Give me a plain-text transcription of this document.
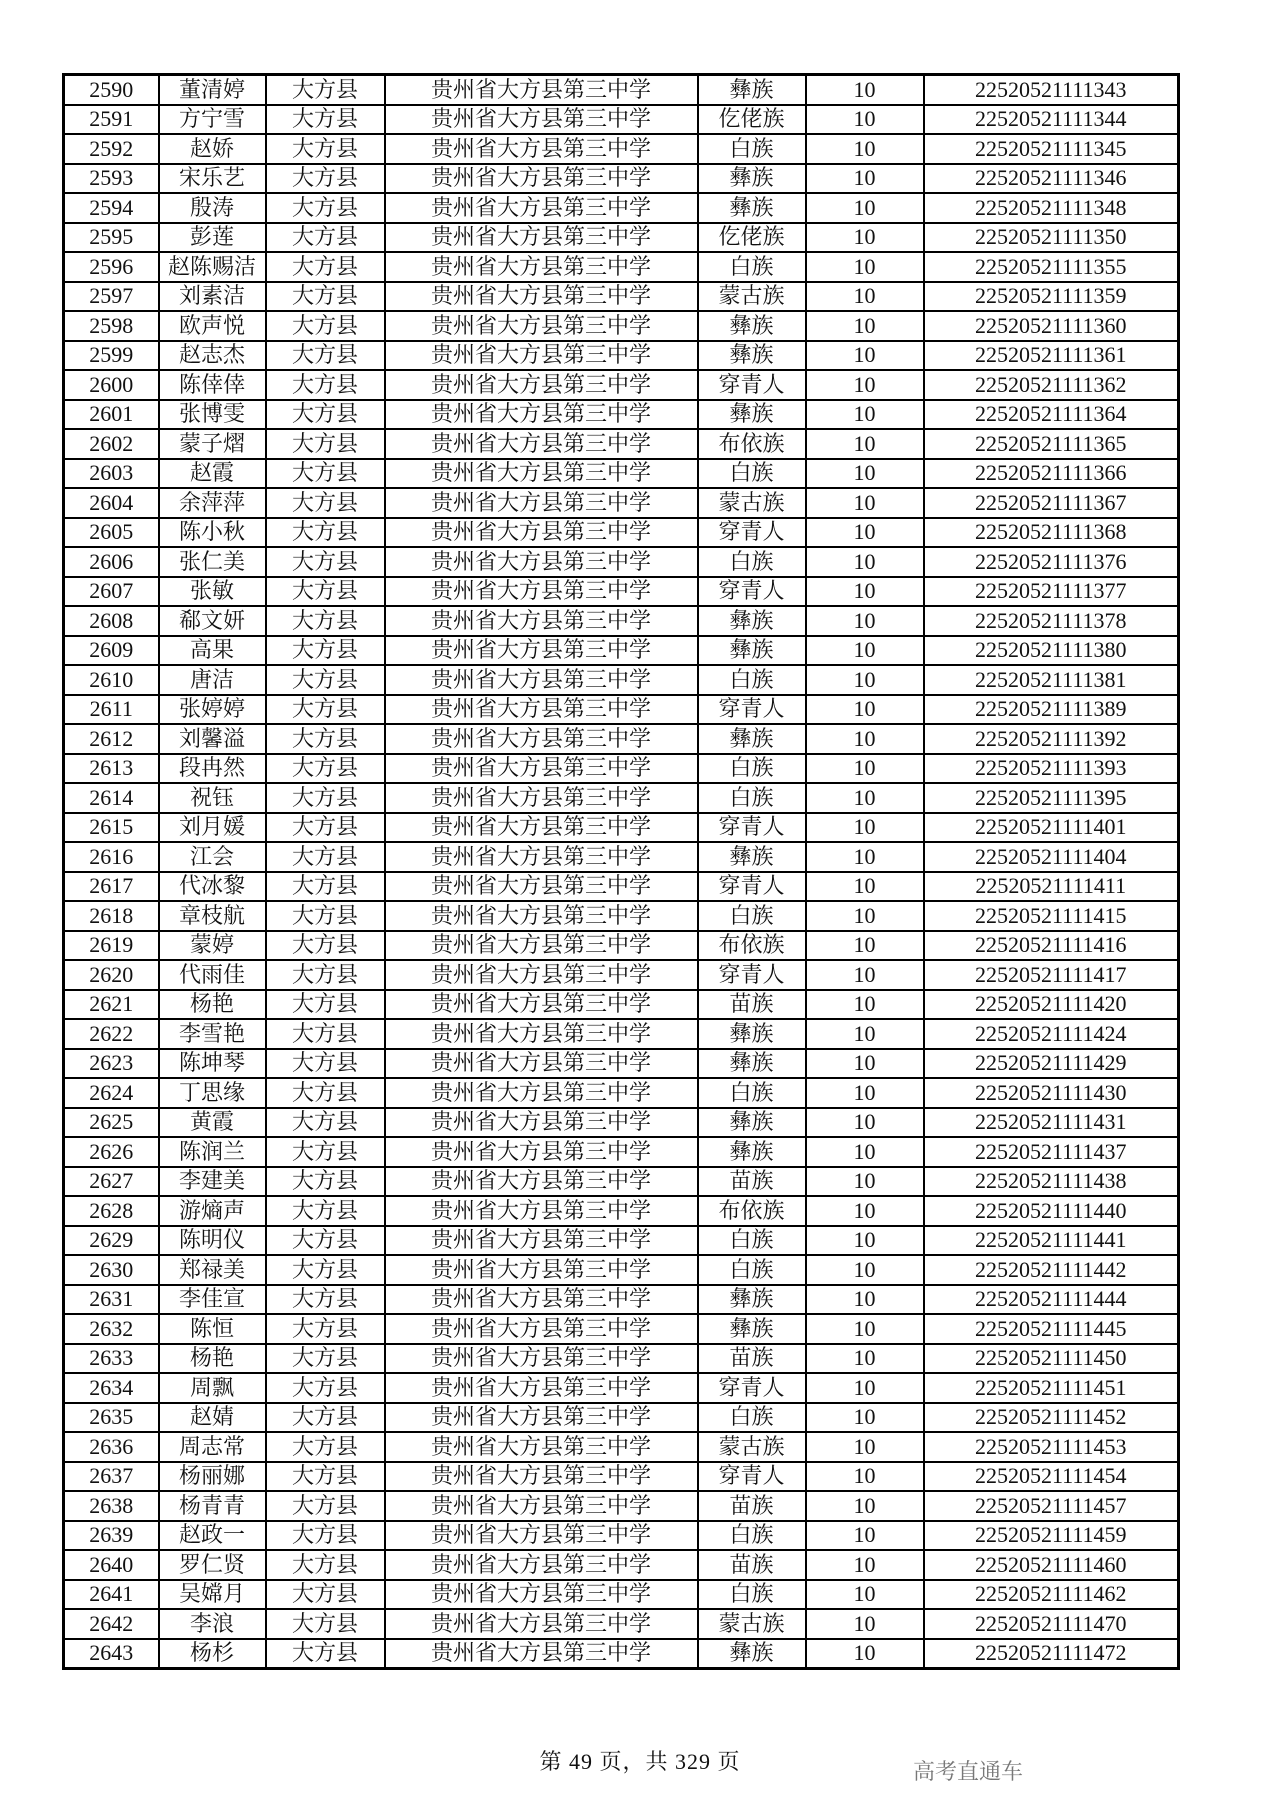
2590	董清婷	大方县	贵州省大方县第三中学	彝族	10	22520521111343
2591	方宁雪	大方县	贵州省大方县第三中学	仡佬族	10	22520521111344
2592	赵娇	大方县	贵州省大方县第三中学	白族	10	22520521111345
2593	宋乐艺	大方县	贵州省大方县第三中学	彝族	10	22520521111346
2594	殷涛	大方县	贵州省大方县第三中学	彝族	10	22520521111348
2595	彭莲	大方县	贵州省大方县第三中学	仡佬族	10	22520521111350
2596	赵陈赐洁	大方县	贵州省大方县第三中学	白族	10	22520521111355
2597	刘素洁	大方县	贵州省大方县第三中学	蒙古族	10	22520521111359
2598	欧声悦	大方县	贵州省大方县第三中学	彝族	10	22520521111360
2599	赵志杰	大方县	贵州省大方县第三中学	彝族	10	22520521111361
2600	陈倖倖	大方县	贵州省大方县第三中学	穿青人	10	22520521111362
2601	张博雯	大方县	贵州省大方县第三中学	彝族	10	22520521111364
2602	蒙子熠	大方县	贵州省大方县第三中学	布依族	10	22520521111365
2603	赵霞	大方县	贵州省大方县第三中学	白族	10	22520521111366
2604	余萍萍	大方县	贵州省大方县第三中学	蒙古族	10	22520521111367
2605	陈小秋	大方县	贵州省大方县第三中学	穿青人	10	22520521111368
2606	张仁美	大方县	贵州省大方县第三中学	白族	10	22520521111376
2607	张敏	大方县	贵州省大方县第三中学	穿青人	10	22520521111377
2608	郗文妍	大方县	贵州省大方县第三中学	彝族	10	22520521111378
2609	高果	大方县	贵州省大方县第三中学	彝族	10	22520521111380
2610	唐洁	大方县	贵州省大方县第三中学	白族	10	22520521111381
2611	张婷婷	大方县	贵州省大方县第三中学	穿青人	10	22520521111389
2612	刘馨溢	大方县	贵州省大方县第三中学	彝族	10	22520521111392
2613	段冉然	大方县	贵州省大方县第三中学	白族	10	22520521111393
2614	祝钰	大方县	贵州省大方县第三中学	白族	10	22520521111395
2615	刘月媛	大方县	贵州省大方县第三中学	穿青人	10	22520521111401
2616	江会	大方县	贵州省大方县第三中学	彝族	10	22520521111404
2617	代冰黎	大方县	贵州省大方县第三中学	穿青人	10	22520521111411
2618	章枝航	大方县	贵州省大方县第三中学	白族	10	22520521111415
2619	蒙婷	大方县	贵州省大方县第三中学	布依族	10	22520521111416
2620	代雨佳	大方县	贵州省大方县第三中学	穿青人	10	22520521111417
2621	杨艳	大方县	贵州省大方县第三中学	苗族	10	22520521111420
2622	李雪艳	大方县	贵州省大方县第三中学	彝族	10	22520521111424
2623	陈坤琴	大方县	贵州省大方县第三中学	彝族	10	22520521111429
2624	丁思缘	大方县	贵州省大方县第三中学	白族	10	22520521111430
2625	黄霞	大方县	贵州省大方县第三中学	彝族	10	22520521111431
2626	陈润兰	大方县	贵州省大方县第三中学	彝族	10	22520521111437
2627	李建美	大方县	贵州省大方县第三中学	苗族	10	22520521111438
2628	游熵声	大方县	贵州省大方县第三中学	布依族	10	22520521111440
2629	陈明仪	大方县	贵州省大方县第三中学	白族	10	22520521111441
2630	郑禄美	大方县	贵州省大方县第三中学	白族	10	22520521111442
2631	李佳宣	大方县	贵州省大方县第三中学	彝族	10	22520521111444
2632	陈恒	大方县	贵州省大方县第三中学	彝族	10	22520521111445
2633	杨艳	大方县	贵州省大方县第三中学	苗族	10	22520521111450
2634	周飘	大方县	贵州省大方县第三中学	穿青人	10	22520521111451
2635	赵婧	大方县	贵州省大方县第三中学	白族	10	22520521111452
2636	周志常	大方县	贵州省大方县第三中学	蒙古族	10	22520521111453
2637	杨丽娜	大方县	贵州省大方县第三中学	穿青人	10	22520521111454
2638	杨青青	大方县	贵州省大方县第三中学	苗族	10	22520521111457
2639	赵政一	大方县	贵州省大方县第三中学	白族	10	22520521111459
2640	罗仁贤	大方县	贵州省大方县第三中学	苗族	10	22520521111460
2641	吴嫦月	大方县	贵州省大方县第三中学	白族	10	22520521111462
2642	李浪	大方县	贵州省大方县第三中学	蒙古族	10	22520521111470
2643	杨杉	大方县	贵州省大方县第三中学	彝族	10	22520521111472
第 49 页，共 329 页	高考直通车
